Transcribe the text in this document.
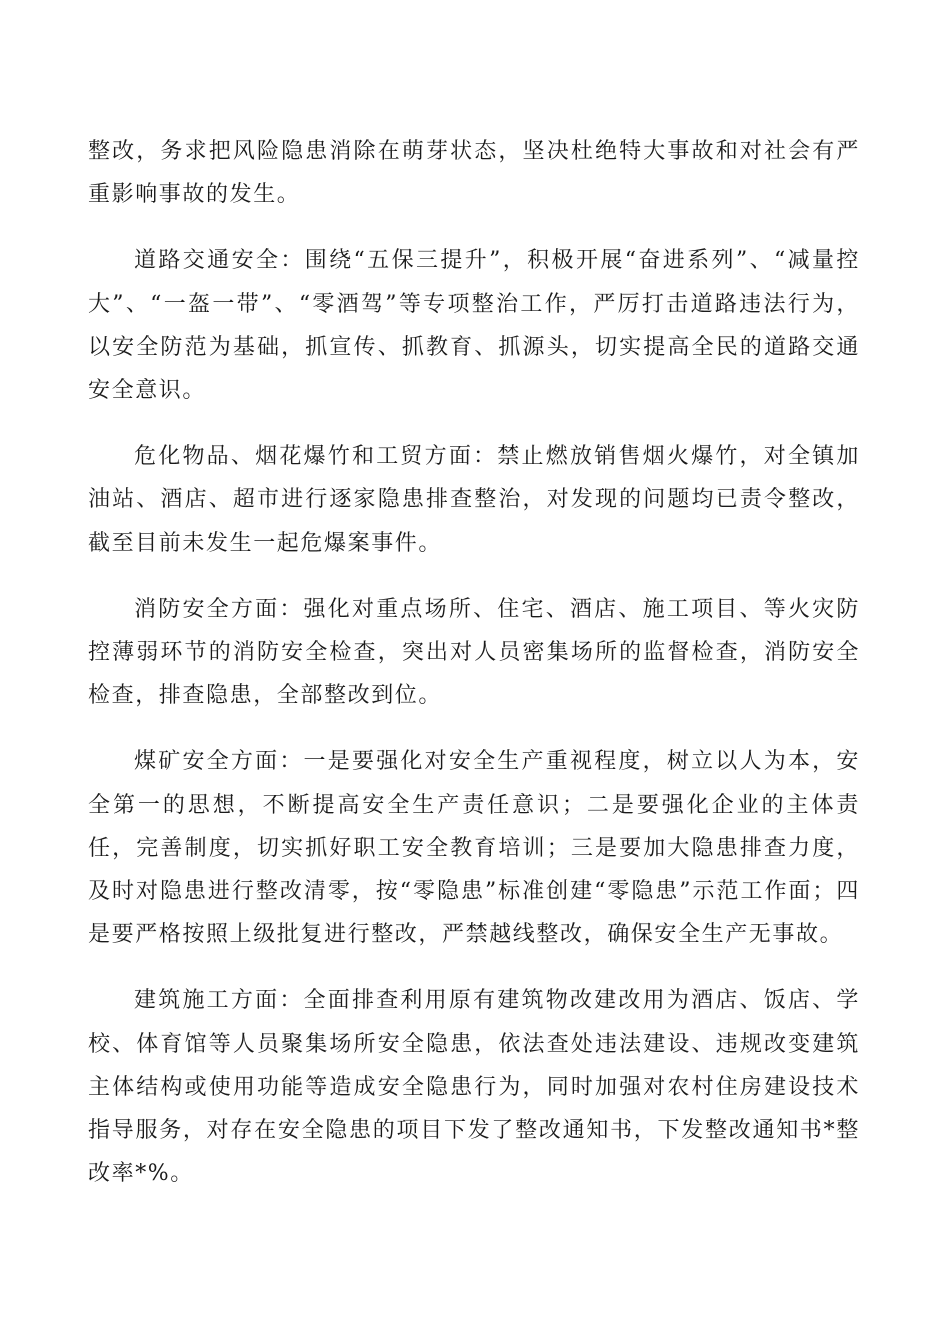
整改，务求把风险隐患消除在萌芽状态，坚决杜绝特大事故和对社会有严重影响事故的发生。

道路交通安全：围绕“五保三提升”，积极开展“奋进系列”、“减量控大”、“一盔一带”、“零酒驾”等专项整治工作，严厉打击道路违法行为，以安全防范为基础，抓宣传、抓教育、抓源头，切实提高全民的道路交通安全意识。

危化物品、烟花爆竹和工贸方面：禁止燃放销售烟火爆竹，对全镇加油站、酒店、超市进行逐家隐患排查整治，对发现的问题均已责令整改，截至目前未发生一起危爆案事件。

消防安全方面：强化对重点场所、住宅、酒店、施工项目、等火灾防控薄弱环节的消防安全检查，突出对人员密集场所的监督检查，消防安全检查，排查隐患，全部整改到位。

煤矿安全方面：一是要强化对安全生产重视程度，树立以人为本，安全第一的思想，不断提高安全生产责任意识；二是要强化企业的主体责任，完善制度，切实抓好职工安全教育培训；三是要加大隐患排查力度，及时对隐患进行整改清零，按“零隐患”标准创建“零隐患”示范工作面；四是要严格按照上级批复进行整改，严禁越线整改，确保安全生产无事故。

建筑施工方面：全面排查利用原有建筑物改建改用为酒店、饭店、学校、体育馆等人员聚集场所安全隐患，依法查处违法建设、违规改变建筑主体结构或使用功能等造成安全隐患行为，同时加强对农村住房建设技术指导服务，对存在安全隐患的项目下发了整改通知书，下发整改通知书*整改率*%。
